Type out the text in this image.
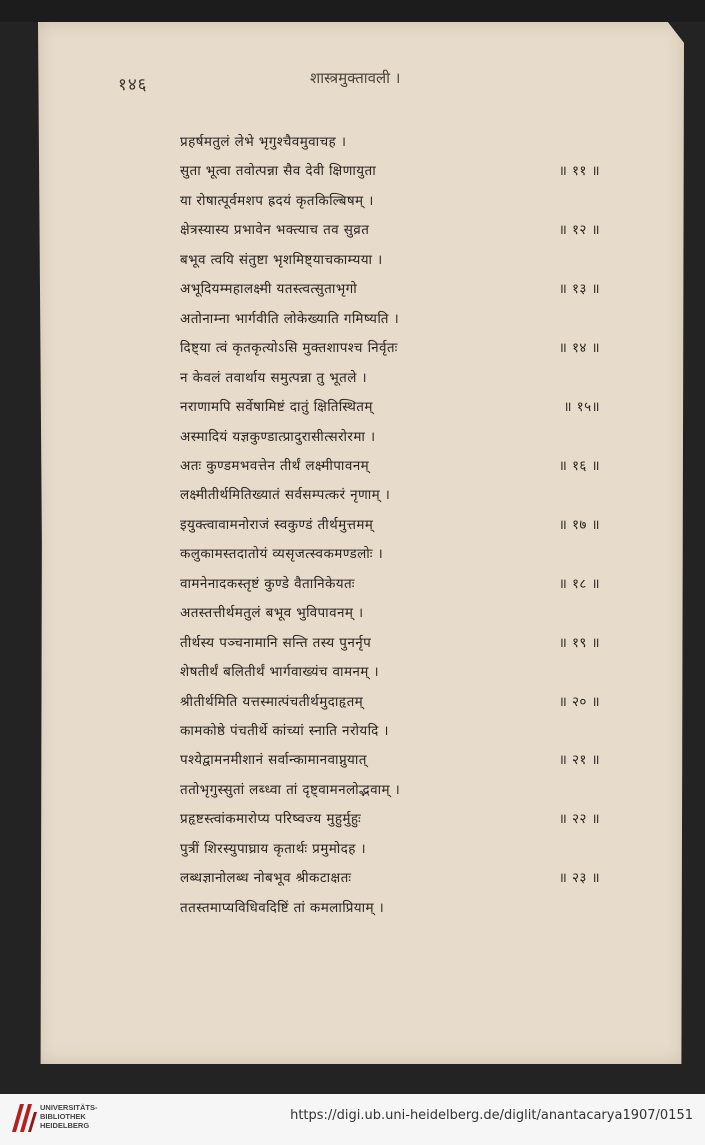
१४६	शास्त्रमुक्तावली ।
प्रहर्षमतुलं लेभे भृगुश्चैवमुवाचह ।
सुता भूत्वा तवोत्पन्ना सैव देवी क्षिणायुता	॥ ११ ॥
या रोषात्पूर्वमशप ह्रदयं कृतकिल्बिषम् ।
क्षेत्रस्यास्य प्रभावेन भक्त्याच तव सुव्रत	॥ १२ ॥
बभूव त्वयि संतुष्टा भृशमिष्ट्याचकाम्यया ।
अभूदियम्महालक्ष्मी यतस्त्वत्सुताभृगो	॥ १३ ॥
अतोनाम्ना भार्गवीति लोकेख्याति गमिष्यति ।
दिष्ट्या त्वं कृतकृत्योऽसि मुक्तशापश्च निर्वृतः	॥ १४ ॥
न केवलं तवार्थाय समुत्पन्ना तु भूतले ।
नराणामपि सर्वेषामिष्टं दातुं क्षितिस्थितम्	॥ १५॥
अस्मादियं यज्ञकुण्डात्प्रादुरासीत्सरोरमा ।
अतः कुण्डमभवत्तेन तीर्थं लक्ष्मीपावनम्	॥ १६ ॥
लक्ष्मीतीर्थमितिख्यातं सर्वसम्पत्करं नृणाम् ।
इयुक्त्वावामनोराजं स्वकुण्डं तीर्थमुत्तमम्	॥ १७ ॥
कलुकामस्तदातोयं व्यसृजत्स्वकमण्डलोः ।
वामनेनादकस्तृष्टं कुण्डे वैतानिकेयतः	॥ १८ ॥
अतस्तत्तीर्थमतुलं बभूव भुविपावनम् ।
तीर्थस्य पञ्चनामानि सन्ति तस्य पुनर्नृप	॥ १९ ॥
शेषतीर्थं बलितीर्थं भार्गवाख्यंच वामनम् ।
श्रीतीर्थमिति यत्तस्मात्पंचतीर्थमुदाहृतम्	॥ २० ॥
कामकोष्ठे पंचतीर्थे कांच्यां स्नाति नरोयदि ।
पश्येद्वामनमीशानं सर्वान्कामानवाप्नुयात्	॥ २१ ॥
ततोभृगुस्सुतां लब्ध्वा तां दृष्ट्वामनलोद्भवाम् ।
प्रहृष्टस्त्वांकमारोप्य परिष्वज्य मुहुर्मुहुः	॥ २२ ॥
पुत्रीं शिरस्युपाघ्राय कृतार्थः प्रमुमोदह ।
लब्धज्ञानोलब्ध नोबभूव श्रीकटाक्षतः	॥ २३ ॥
ततस्तमाप्यविधिवदिष्टिं तां कमलाप्रियाम् ।
UNIVERSITÄTS-
BIBLIOTHEK
HEIDELBERG
https://digi.ub.uni-heidelberg.de/diglit/anantacarya1907/0151
